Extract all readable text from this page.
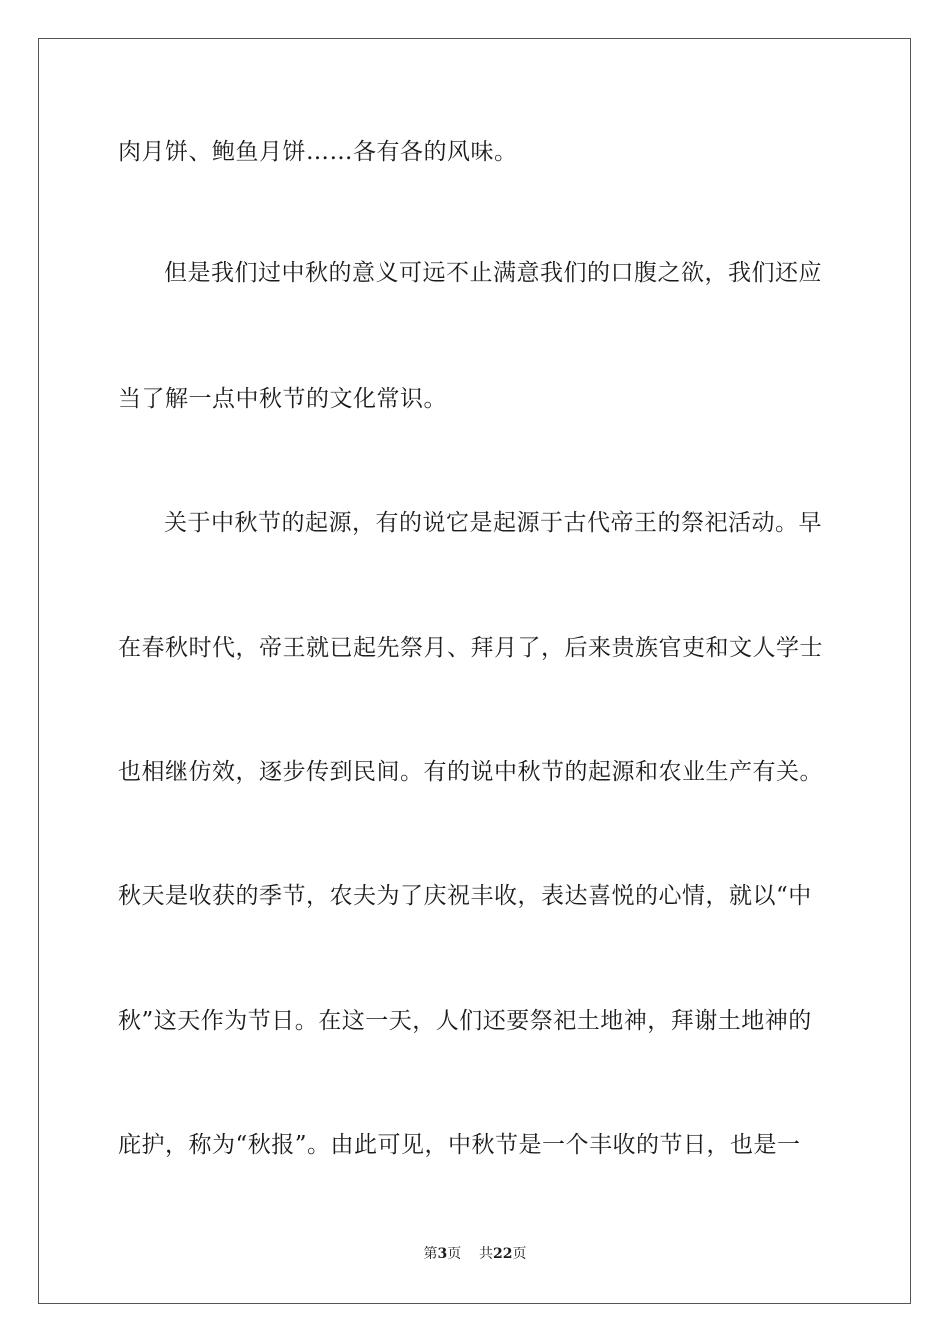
肉月饼、鲍鱼月饼……各有各的风味。
但是我们过中秋的意义可远不止满意我们的口腹之欲，我们还应
当了解一点中秋节的文化常识。
关于中秋节的起源，有的说它是起源于古代帝王的祭祀活动。早
在春秋时代，帝王就已起先祭月、拜月了，后来贵族官吏和文人学士
也相继仿效，逐步传到民间。有的说中秋节的起源和农业生产有关。
秋天是收获的季节，农夫为了庆祝丰收，表达喜悦的心情，就以“中
秋”这天作为节日。在这一天，人们还要祭祀土地神，拜谢土地神的
庇护，称为“秋报”。由此可见，中秋节是一个丰收的节日，也是一
第3页 共22页
